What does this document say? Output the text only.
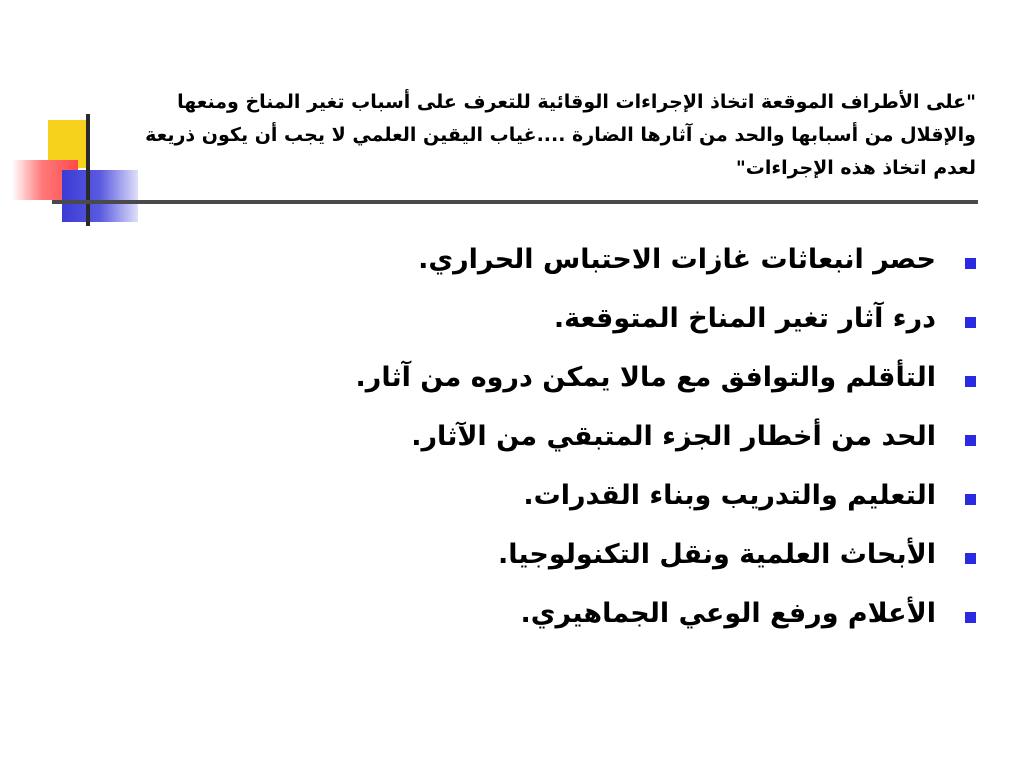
"على الأطراف الموقعة اتخاذ الإجراءات الوقائية للتعرف على أسباب تغير المناخ ومنعها والإقلال من أسبابها والحد من آثارها الضارة ....غياب اليقين العلمي لا يجب أن يكون ذريعة لعدم اتخاذ هذه الإجراءات"
حصر انبعاثات غازات الاحتباس الحراري.
درء آثار تغير المناخ المتوقعة.
التأقلم والتوافق مع مالا يمكن دروه من آثار.
الحد من أخطار الجزء المتبقي من الآثار.
التعليم والتدريب وبناء القدرات.
الأبحاث العلمية ونقل التكنولوجيا.
الأعلام ورفع الوعي الجماهيري.
